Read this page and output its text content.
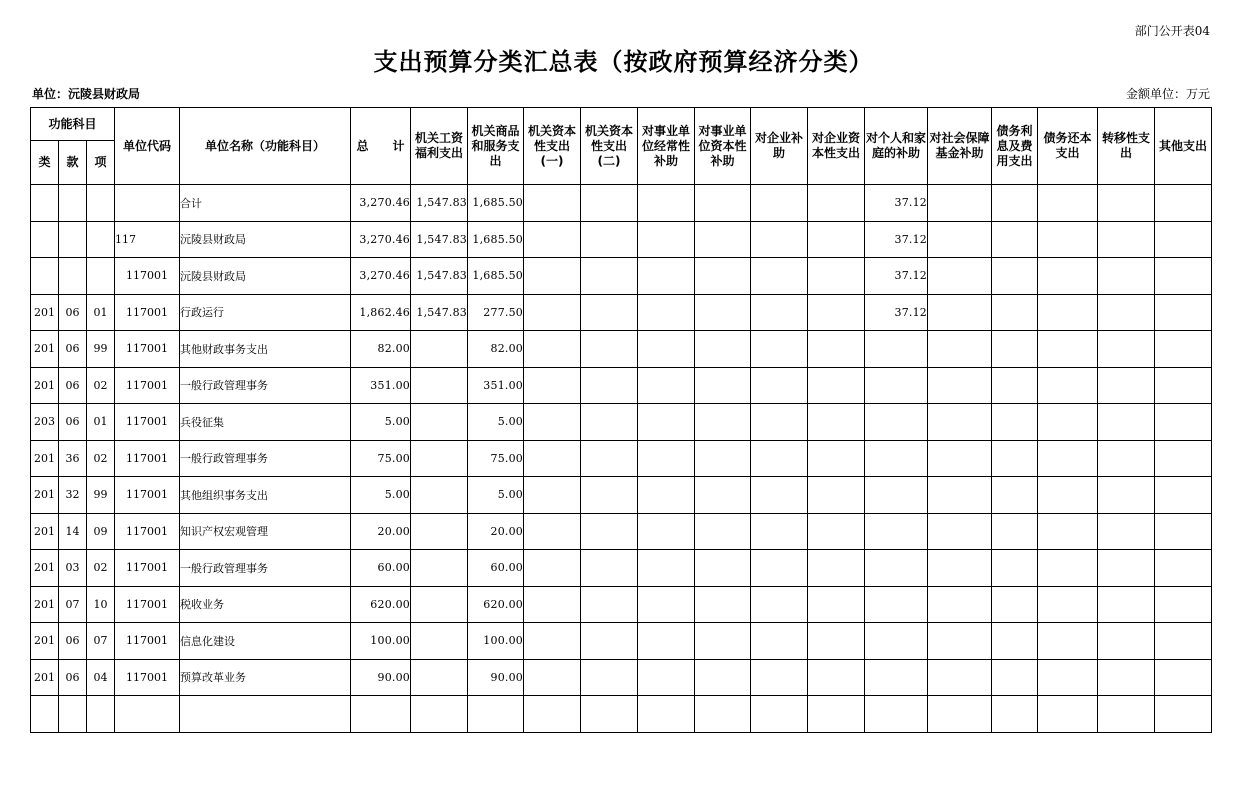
部门公开表04
支出预算分类汇总表（按政府预算经济分类）
单位：沅陵县财政局	金额单位：万元
功能科目			单位代码	单位名称（功能科目）	总　　计	机关工资福利支出	机关商品和服务支出	机关资本性支出(一)	机关资本性支出(二)	对事业单位经常性补助	对事业单位资本性补助	对企业补助	对企业资本性支出	对个人和家庭的补助	对社会保障基金补助	债务利息及费用支出	债务还本支出	转移性支出	其他支出
类	款	项																	
				合计	3,270.46	1,547.83	1,685.50							37.12					
			117	沅陵县财政局	3,270.46	1,547.83	1,685.50							37.12					
			117001	沅陵县财政局	3,270.46	1,547.83	1,685.50							37.12					
201	06	01	117001	行政运行	1,862.46	1,547.83	277.50							37.12					
201	06	99	117001	其他财政事务支出	82.00		82.00												
201	06	02	117001	一般行政管理事务	351.00		351.00												
203	06	01	117001	兵役征集	5.00		5.00												
201	36	02	117001	一般行政管理事务	75.00		75.00												
201	32	99	117001	其他组织事务支出	5.00		5.00												
201	14	09	117001	知识产权宏观管理	20.00		20.00												
201	03	02	117001	一般行政管理事务	60.00		60.00												
201	07	10	117001	税收业务	620.00		620.00												
201	06	07	117001	信息化建设	100.00		100.00												
201	06	04	117001	预算改革业务	90.00		90.00												
